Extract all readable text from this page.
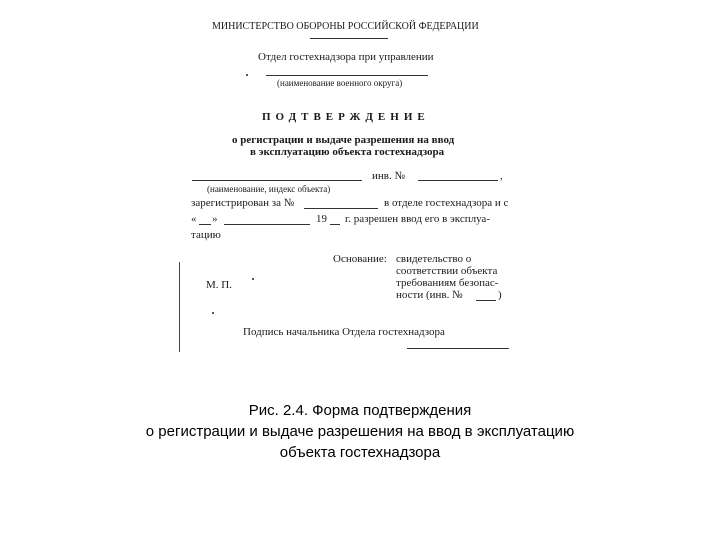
МИНИСТЕРСТВО ОБОРОНЫ РОССИЙСКОЙ ФЕДЕРАЦИИ
Отдел гостехнадзора при управлении
(наименование военного округа)
ПОДТВЕРЖДЕНИЕ
о регистрации и выдаче разрешения на ввод
в эксплуатацию объекта гостехнадзора
инв. №	,
(наименование, индекс объекта)
зарегистрирован за №	в отделе гостехнадзора и с
« »	19 г. разрешен ввод его в эксплуа-
тацию
Основание: свидетельство о
соответствии объекта
требованиям безопас-
ности (инв. №	)
М. П.
Подпись начальника Отдела гостехнадзора
Рис. 2.4. Форма подтверждения
о регистрации и выдаче разрешения на ввод в эксплуатацию
объекта гостехнадзора
